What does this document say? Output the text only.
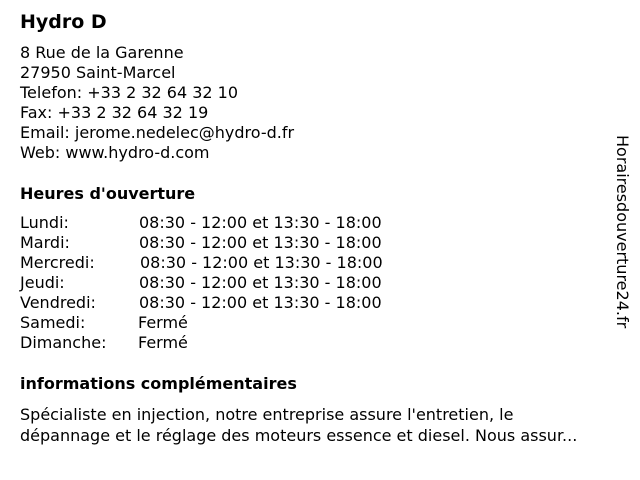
Hydro D
8 Rue de la Garenne
27950 Saint-Marcel
Telefon: +33 2 32 64 32 10
Fax: +33 2 32 64 32 19
Email: jerome.nedelec@hydro-d.fr
Web: www.hydro-d.com
Heures d'ouverture
Lundi:	08:30 - 12:00 et 13:30 - 18:00
Mardi:	08:30 - 12:00 et 13:30 - 18:00
Mercredi:	08:30 - 12:00 et 13:30 - 18:00
Jeudi:	08:30 - 12:00 et 13:30 - 18:00
Vendredi:	08:30 - 12:00 et 13:30 - 18:00
Samedi:	Fermé
Dimanche: Fermé
informations complémentaires
Spécialiste en injection, notre entreprise assure l'entretien, le
dépannage et le réglage des moteurs essence et diesel. Nous assur...
Horairesdouverture24.fr
